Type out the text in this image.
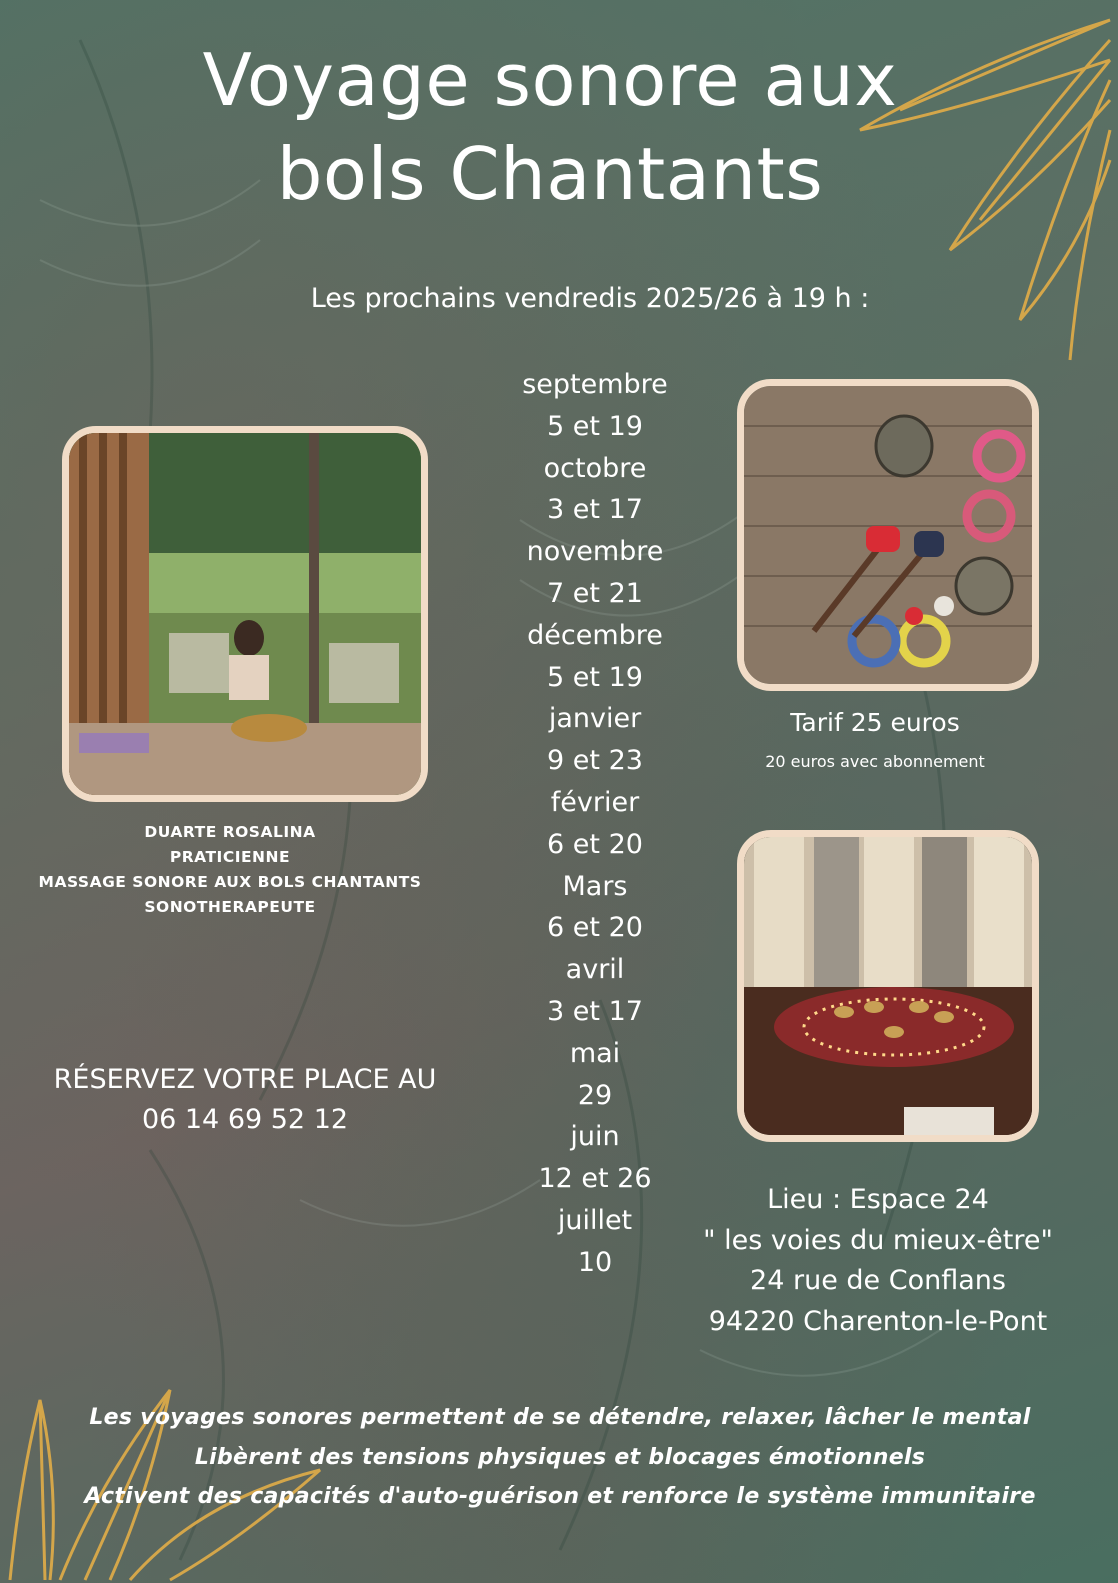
Voyage sonore aux
bols Chantants
Les prochains vendredis 2025/26 à 19 h :
septembre
5 et 19
octobre
3 et 17
novembre
7 et 21
décembre
5 et 19
janvier
9 et 23
février
6 et 20
Mars
6 et 20
avril
3 et 17
mai
29
juin
12 et 26
juillet
10
DUARTE ROSALINA
PRATICIENNE
MASSAGE SONORE AUX BOLS CHANTANTS
SONOTHERAPEUTE
RÉSERVEZ VOTRE PLACE AU
06 14 69 52 12
Tarif 25 euros
20 euros avec abonnement
Lieu : Espace 24
" les voies du mieux-être"
24 rue de Conflans
94220 Charenton-le-Pont
Les voyages sonores permettent de se détendre, relaxer, lâcher le mental
Libèrent des tensions physiques et blocages émotionnels
Activent des capacités d'auto-guérison et renforce le système immunitaire
